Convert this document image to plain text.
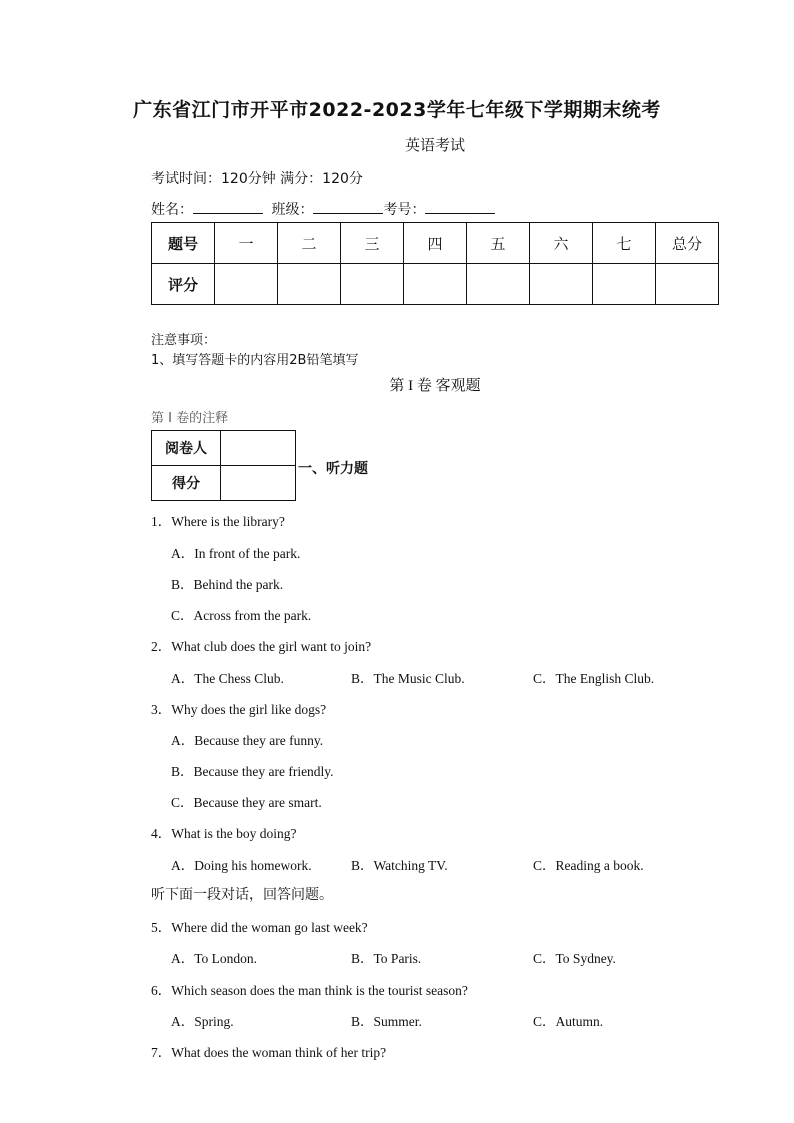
广东省江门市开平市2022-2023学年七年级下学期期末统考
英语考试
考试时间：120分钟 满分：120分
姓名：	班级：	考号：
题号	一	二	三	四	五	六	七	总分
评分								
注意事项：
1、填写答题卡的内容用2B铅笔填写
第 I 卷 客观题
第 I 卷的注释
阅卷人	
得分	
一、听力题
1．Where is the library?
A．In front of the park.
B．Behind the park.
C．Across from the park.
2．What club does the girl want to join?
A．The Chess Club.	B．The Music Club.	C．The English Club.
3．Why does the girl like dogs?
A．Because they are funny.
B．Because they are friendly.
C．Because they are smart.
4．What is the boy doing?
A．Doing his homework.	B．Watching TV.	C．Reading a book.
听下面一段对话，回答问题。
5．Where did the woman go last week?
A．To London.	B．To Paris.	C．To Sydney.
6．Which season does the man think is the tourist season?
A．Spring.	B．Summer.	C．Autumn.
7．What does the woman think of her trip?
